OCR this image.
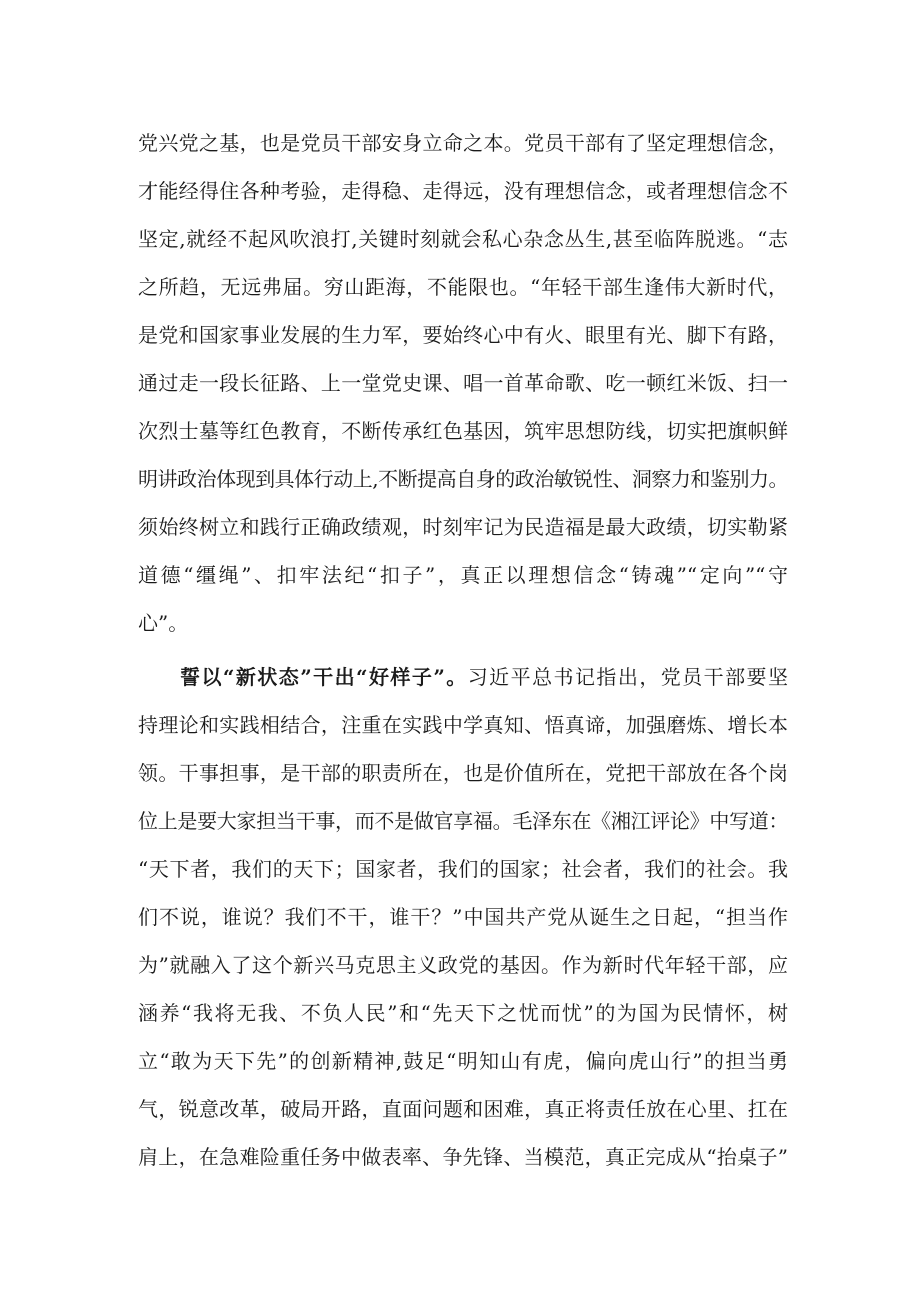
党兴党之基，也是党员干部安身立命之本。党员干部有了坚定理想信念，
才能经得住各种考验，走得稳、走得远，没有理想信念，或者理想信念不
坚定,就经不起风吹浪打,关键时刻就会私心杂念丛生,甚至临阵脱逃。“志
之所趋，无远弗届。穷山距海，不能限也。“年轻干部生逢伟大新时代，
是党和国家事业发展的生力军，要始终心中有火、眼里有光、脚下有路，
通过走一段长征路、上一堂党史课、唱一首革命歌、吃一顿红米饭、扫一
次烈士墓等红色教育，不断传承红色基因，筑牢思想防线，切实把旗帜鲜
明讲政治体现到具体行动上,不断提高自身的政治敏锐性、洞察力和鉴别力。
须始终树立和践行正确政绩观，时刻牢记为民造福是最大政绩，切实勒紧
道德“缰绳”、扣牢法纪“扣子”，真正以理想信念“铸魂”“定向”“守
心”。
誓以“新状态”干出“好样子”。习近平总书记指出，党员干部要坚
持理论和实践相结合，注重在实践中学真知、悟真谛，加强磨炼、增长本
领。干事担事，是干部的职责所在，也是价值所在，党把干部放在各个岗
位上是要大家担当干事，而不是做官享福。毛泽东在《湘江评论》中写道：
“天下者，我们的天下；国家者，我们的国家；社会者，我们的社会。我
们不说，谁说？我们不干，谁干？”中国共产党从诞生之日起，“担当作
为”就融入了这个新兴马克思主义政党的基因。作为新时代年轻干部，应
涵养“我将无我、不负人民”和“先天下之忧而忧”的为国为民情怀，树
立“敢为天下先”的创新精神,鼓足“明知山有虎，偏向虎山行”的担当勇
气，锐意改革，破局开路，直面问题和困难，真正将责任放在心里、扛在
肩上，在急难险重任务中做表率、争先锋、当模范，真正完成从“抬桌子”
